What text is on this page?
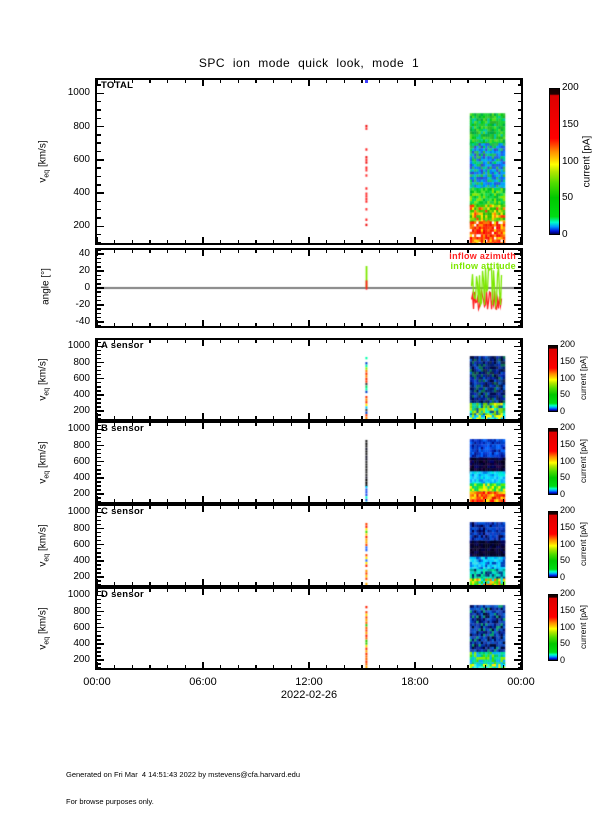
SPC ion mode quick look, mode 1
TOTAL
inflow azimuth
inflow attitude
A sensor
B sensor
C sensor
D sensor
2022-02-26

Generated on Fri Mar  4 14:51:43 2022 by mstevens@cfa.harvard.edu

For browse purposes only.

200
400
600
800
1000
$v_{eq}$ [km/s]
0
50
100
150
200
current [pA]
40
20
0
-20
-40
angle [°]
200
400
600
800
1000
$v_{eq}$ [km/s]
0
50
100
150
200
current [pA]
200
400
600
800
1000
$v_{eq}$ [km/s]
0
50
100
150
200
current [pA]
200
400
600
800
1000
$v_{eq}$ [km/s]
0
50
100
150
200
current [pA]
200
400
600
800
1000
$v_{eq}$ [km/s]
0
50
100
150
200
current [pA]
00:00	06:00	12:00	18:00	00:00
